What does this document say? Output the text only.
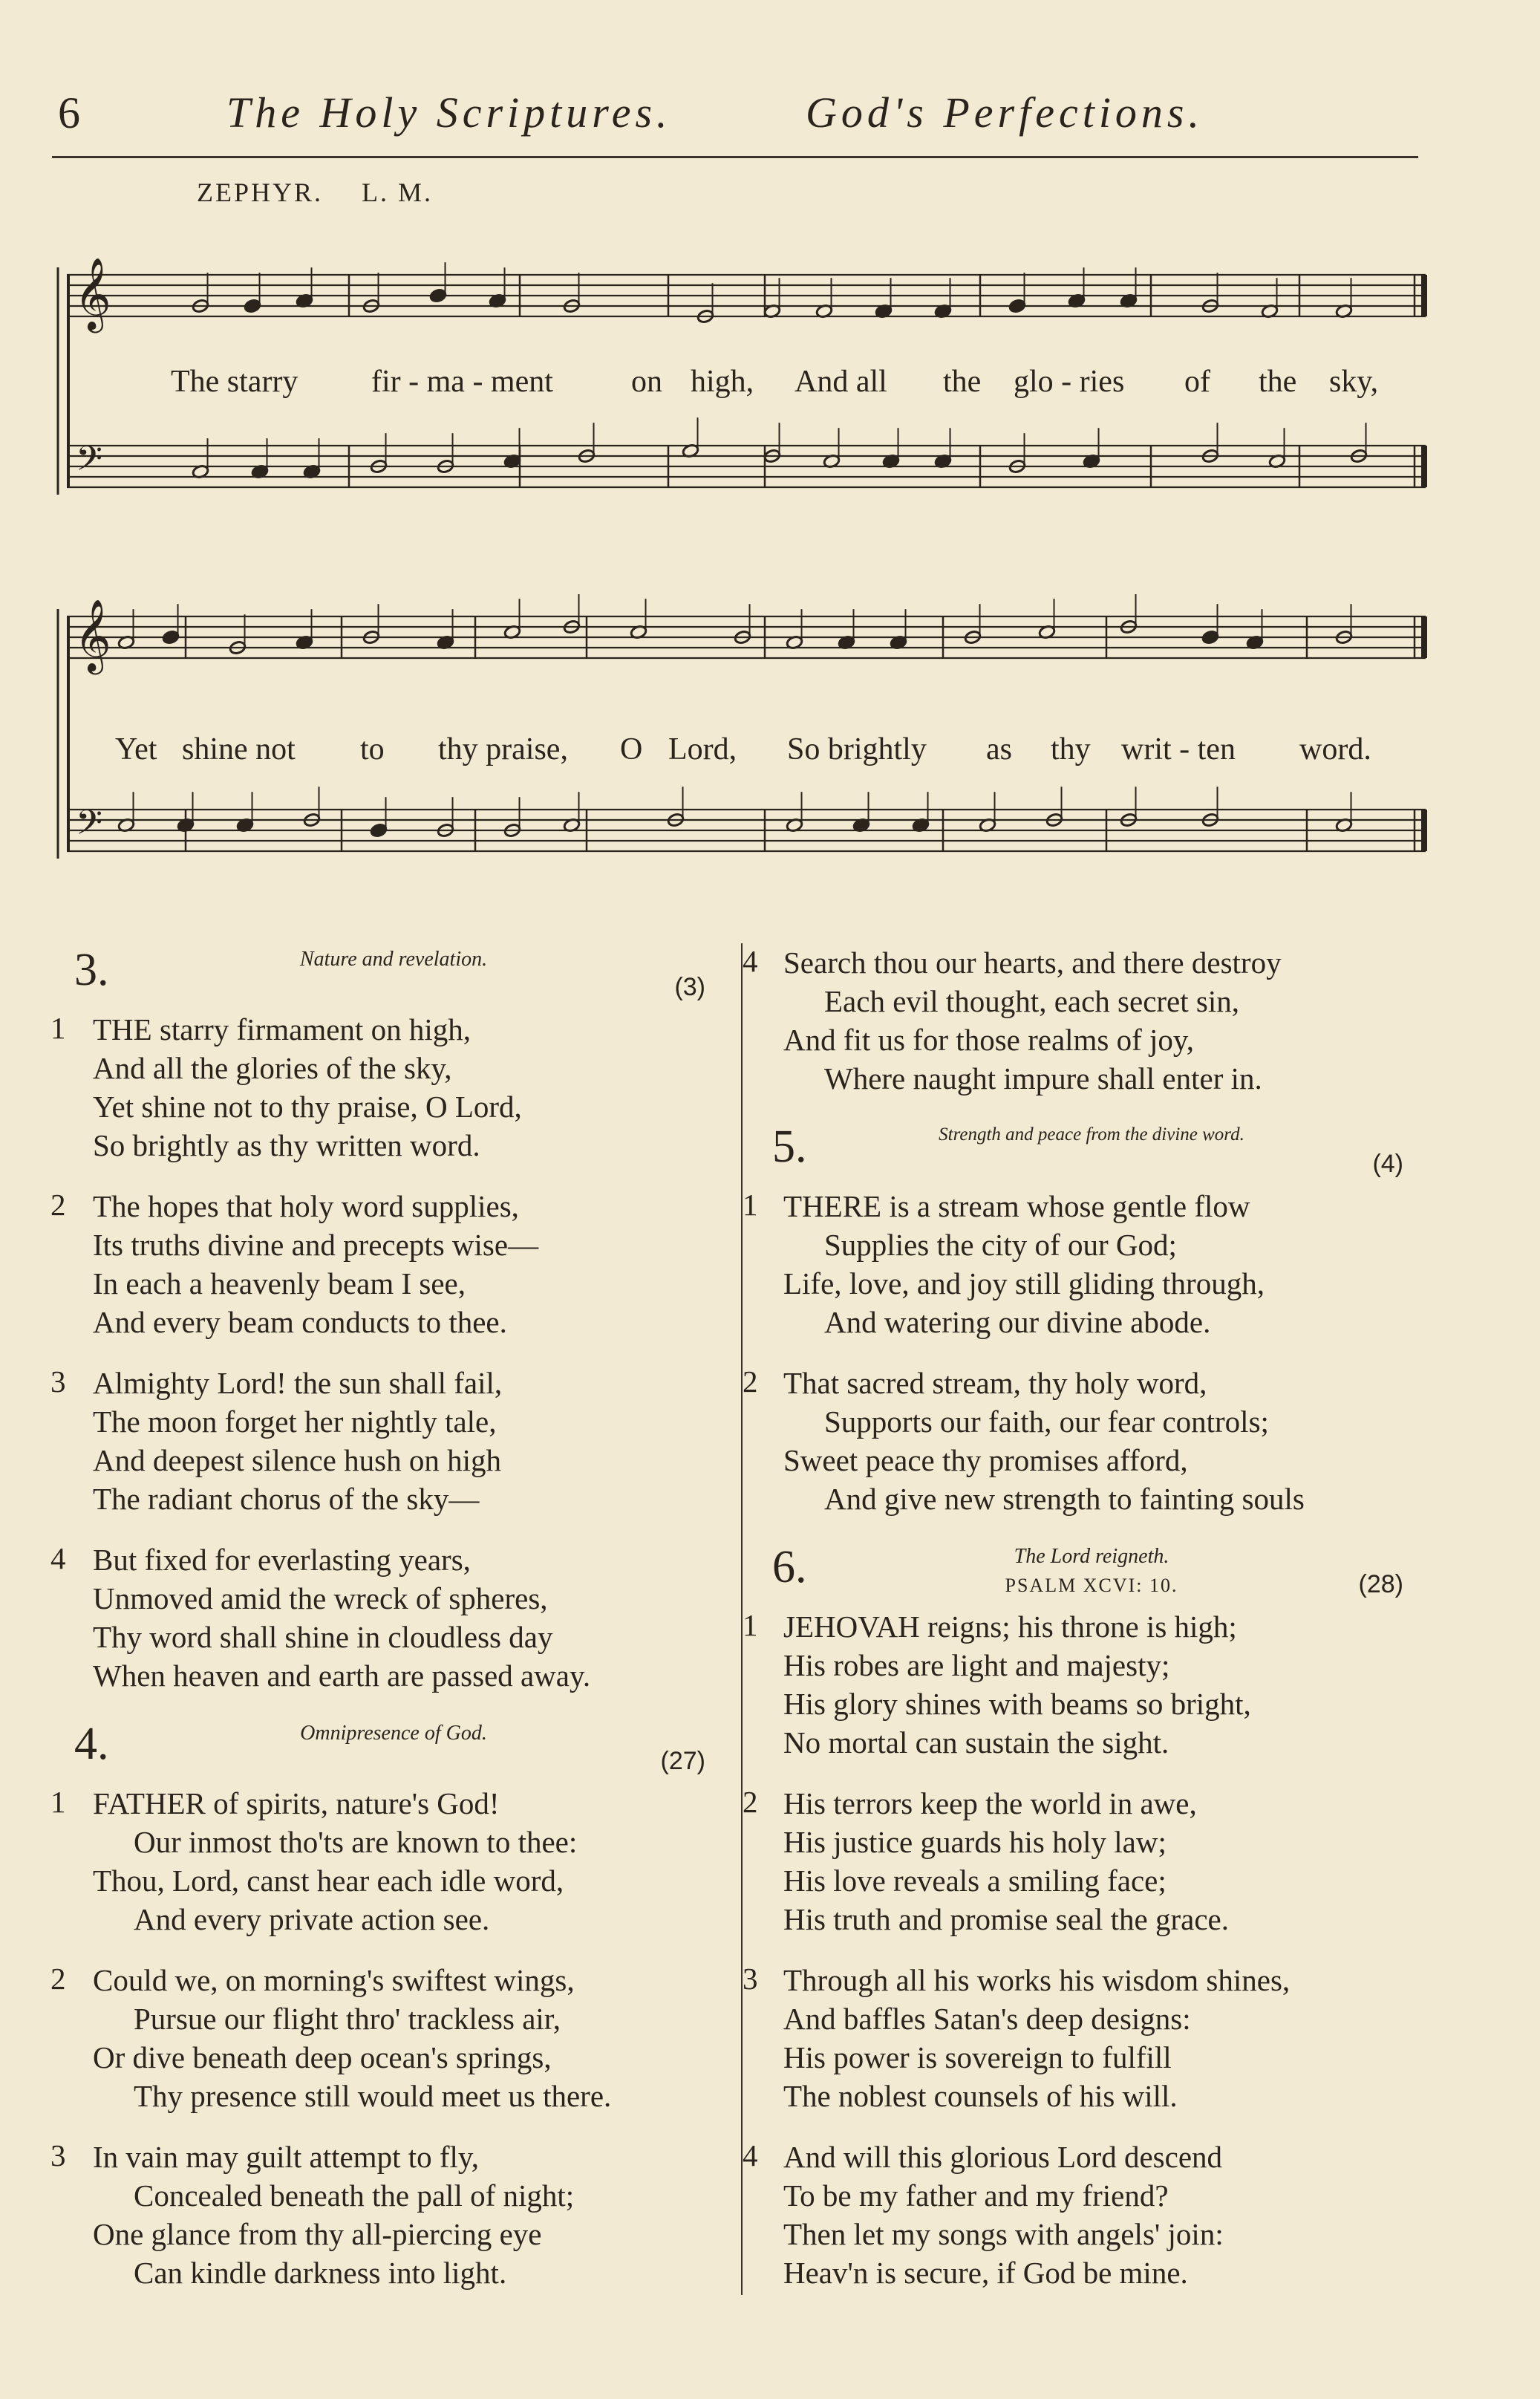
6	The Holy Scriptures.	God's Perfections.
ZEPHYR. L. M.
𝄞
𝄢
The starry fir - ma - ment	on high, And all the glo - ries of the sky,
𝄞
𝄢
Yet shine not to thy praise, O Lord, So brightly as thy writ - ten word.
3.	Nature and revelation.
(3)
1 THE starry firmament on high,
And all the glories of the sky,
Yet shine not to thy praise, O Lord,
So brightly as thy written word.
2 The hopes that holy word supplies,
Its truths divine and precepts wise—
In each a heavenly beam I see,
And every beam conducts to thee.
3 Almighty Lord! the sun shall fail,
The moon forget her nightly tale,
And deepest silence hush on high
The radiant chorus of the sky—
4 But fixed for everlasting years,
Unmoved amid the wreck of spheres,
Thy word shall shine in cloudless day
When heaven and earth are passed away.
4.	Omnipresence of God.
(27)
1 FATHER of spirits, nature's God!
Our inmost tho'ts are known to thee:
Thou, Lord, canst hear each idle word,
And every private action see.
2 Could we, on morning's swiftest wings,
Pursue our flight thro' trackless air,
Or dive beneath deep ocean's springs,
Thy presence still would meet us there.
3 In vain may guilt attempt to fly,
Concealed beneath the pall of night;
One glance from thy all-piercing eye
Can kindle darkness into light.
4 Search thou our hearts, and there destroy
Each evil thought, each secret sin,
And fit us for those realms of joy,
Where naught impure shall enter in.
5.	Strength and peace from the divine word.
(4)
1 THERE is a stream whose gentle flow
Supplies the city of our God;
Life, love, and joy still gliding through,
And watering our divine abode.
2 That sacred stream, thy holy word,
Supports our faith, our fear controls;
Sweet peace thy promises afford,
And give new strength to fainting souls
6.	The Lord reigneth.
PSALM XCVI: 10.	(28)
1 JEHOVAH reigns; his throne is high;
His robes are light and majesty;
His glory shines with beams so bright,
No mortal can sustain the sight.
2 His terrors keep the world in awe,
His justice guards his holy law;
His love reveals a smiling face;
His truth and promise seal the grace.
3 Through all his works his wisdom shines,
And baffles Satan's deep designs:
His power is sovereign to fulfill
The noblest counsels of his will.
4 And will this glorious Lord descend
To be my father and my friend?
Then let my songs with angels' join:
Heav'n is secure, if God be mine.
